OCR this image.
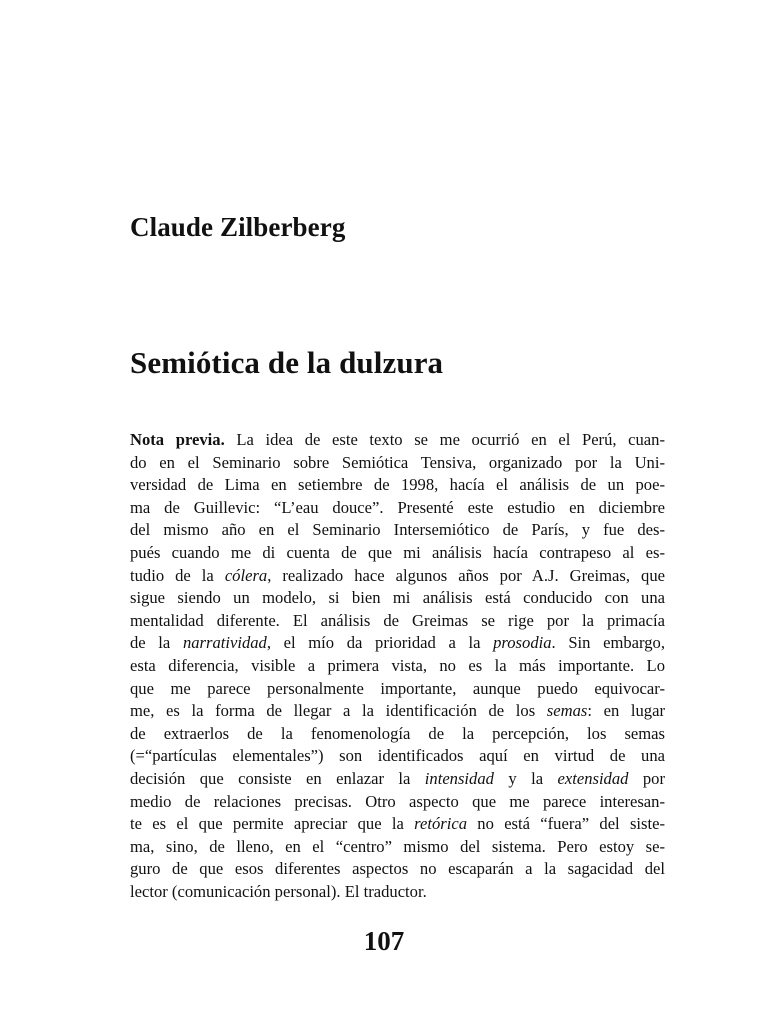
Claude Zilberberg
Semiótica de la dulzura

Nota previa. La idea de este texto se me ocurrió en el Perú, cuan-
do en el Seminario sobre Semiótica Tensiva, organizado por la Uni-
versidad de Lima en setiembre de 1998, hacía el análisis de un poe-
ma de Guillevic: “L’eau douce”. Presenté este estudio en diciembre
del mismo año en el Seminario Intersemiótico de París, y fue des-
pués cuando me di cuenta de que mi análisis hacía contrapeso al es-
tudio de la cólera, realizado hace algunos años por A.J. Greimas, que
sigue siendo un modelo, si bien mi análisis está conducido con una
mentalidad diferente. El análisis de Greimas se rige por la primacía
de la narratividad, el mío da prioridad a la prosodia. Sin embargo,
esta diferencia, visible a primera vista, no es la más importante. Lo
que me parece personalmente importante, aunque puedo equivocar-
me, es la forma de llegar a la identificación de los semas: en lugar
de extraerlos de la fenomenología de la percepción, los semas
(=“partículas elementales”) son identificados aquí en virtud de una
decisión que consiste en enlazar la intensidad y la extensidad por
medio de relaciones precisas. Otro aspecto que me parece interesan-
te es el que permite apreciar que la retórica no está “fuera” del siste-
ma, sino, de lleno, en el “centro” mismo del sistema. Pero estoy se-
guro de que esos diferentes aspectos no escaparán a la sagacidad del
lector (comunicación personal). El traductor.

107
